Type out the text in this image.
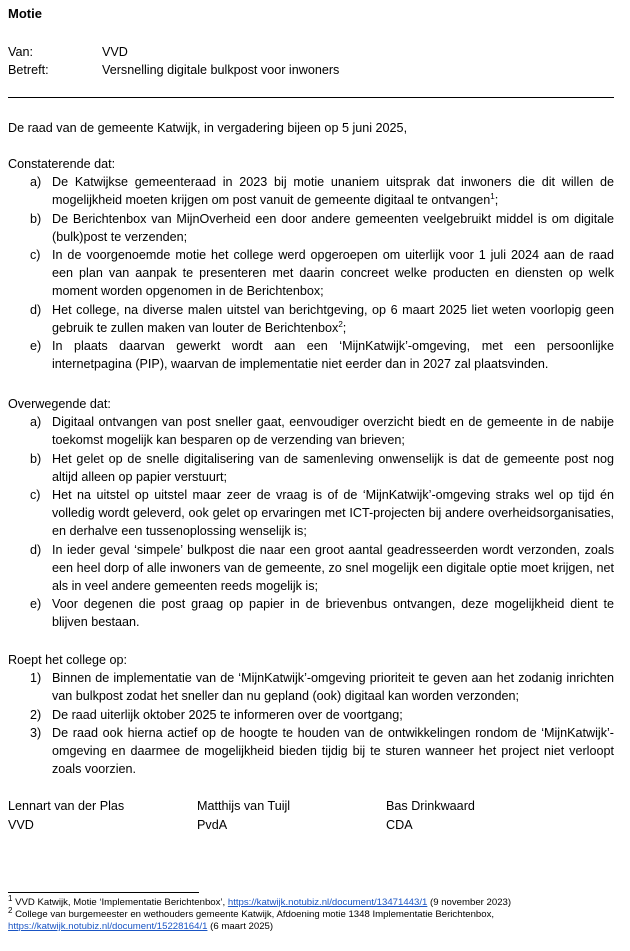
Motie
Van:	VVD
Betreft:	Versnelling digitale bulkpost voor inwoners
De raad van de gemeente Katwijk, in vergadering bijeen op 5 juni 2025,
Constaterende dat:
a) De Katwijkse gemeenteraad in 2023 bij motie unaniem uitsprak dat inwoners die dit willen de mogelijkheid moeten krijgen om post vanuit de gemeente digitaal te ontvangen$^1$;
b) De Berichtenbox van MijnOverheid een door andere gemeenten veelgebruikt middel is om digitale (bulk)post te verzenden;
c) In de voorgenoemde motie het college werd opgeroepen om uiterlijk voor 1 juli 2024 aan de raad een plan van aanpak te presenteren met daarin concreet welke producten en diensten op welk moment worden opgenomen in de Berichtenbox;
d) Het college, na diverse malen uitstel van berichtgeving, op 6 maart 2025 liet weten voorlopig geen gebruik te zullen maken van louter de Berichtenbox$^2$;
e) In plaats daarvan gewerkt wordt aan een ‘MijnKatwijk’-omgeving, met een persoonlijke internetpagina (PIP), waarvan de implementatie niet eerder dan in 2027 zal plaatsvinden.
Overwegende dat:
a) Digitaal ontvangen van post sneller gaat, eenvoudiger overzicht biedt en de gemeente in de nabije toekomst mogelijk kan besparen op de verzending van brieven;
b) Het gelet op de snelle digitalisering van de samenleving onwenselijk is dat de gemeente post nog altijd alleen op papier verstuurt;
c) Het na uitstel op uitstel maar zeer de vraag is of de ‘MijnKatwijk’-omgeving straks wel op tijd én volledig wordt geleverd, ook gelet op ervaringen met ICT-projecten bij andere overheidsorganisaties, en derhalve een tussenoplossing wenselijk is;
d) In ieder geval ‘simpele’ bulkpost die naar een groot aantal geadresseerden wordt verzonden, zoals een heel dorp of alle inwoners van de gemeente, zo snel mogelijk een digitale optie moet krijgen, net als in veel andere gemeenten reeds mogelijk is;
e) Voor degenen die post graag op papier in de brievenbus ontvangen, deze mogelijkheid dient te blijven bestaan.
Roept het college op:
1) Binnen de implementatie van de ‘MijnKatwijk’-omgeving prioriteit te geven aan het zodanig inrichten van bulkpost zodat het sneller dan nu gepland (ook) digitaal kan worden verzonden;
2) De raad uiterlijk oktober 2025 te informeren over de voortgang;
3) De raad ook hierna actief op de hoogte te houden van de ontwikkelingen rondom de ‘MijnKatwijk’-omgeving en daarmee de mogelijkheid bieden tijdig bij te sturen wanneer het project niet verloopt zoals voorzien.
Lennart van der Plas
VVD
Matthijs van Tuijl
PvdA
Bas Drinkwaard
CDA
$^1$ VVD Katwijk, Motie ‘Implementatie Berichtenbox’, https://katwijk.notubiz.nl/document/13471443/1 (9 november 2023)
$^2$ College van burgemeester en wethouders gemeente Katwijk, Afdoening motie 1348 Implementatie Berichtenbox,
https://katwijk.notubiz.nl/document/15228164/1 (6 maart 2025)
